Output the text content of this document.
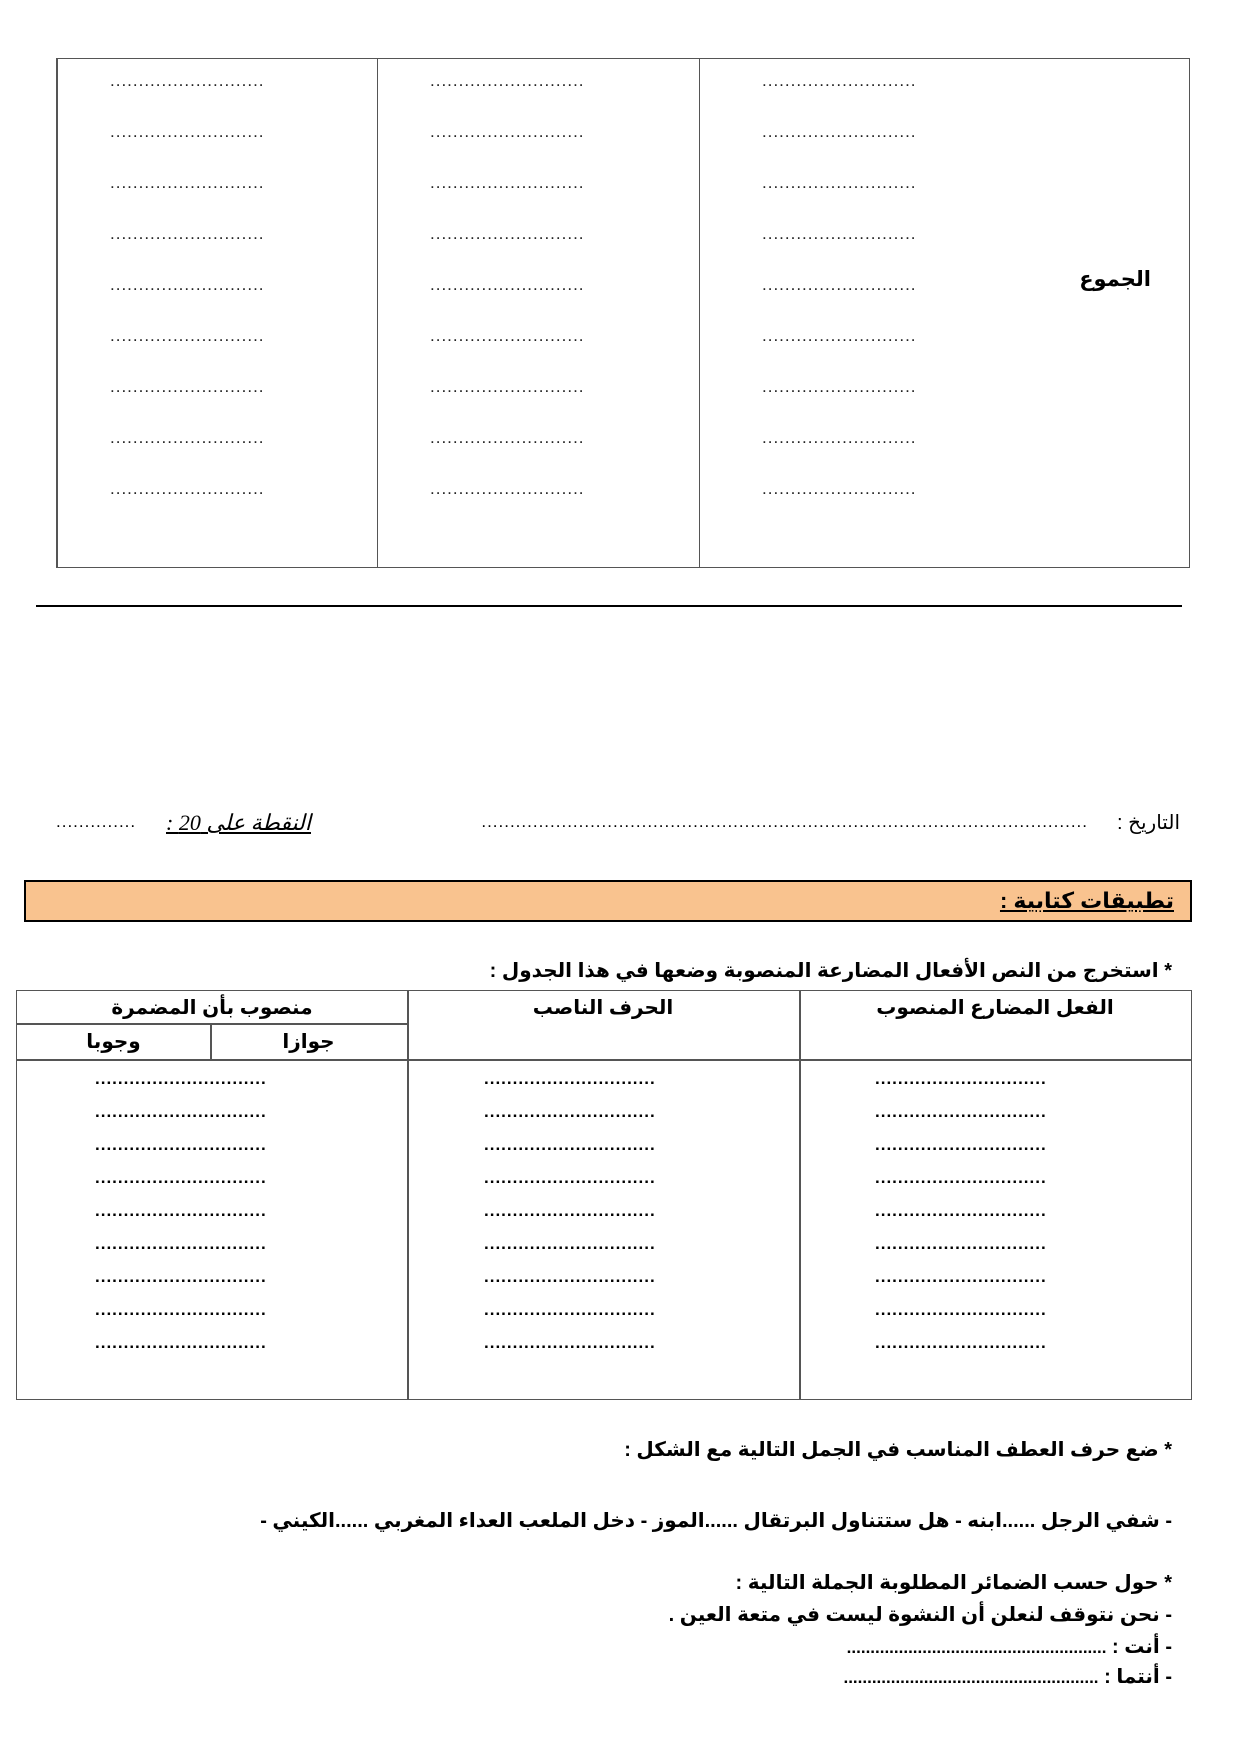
...........................
...........................
...........................
...........................
...........................
...........................
...........................
...........................
...........................
...........................
...........................
...........................
...........................
...........................
...........................
...........................
...........................
...........................
...........................
...........................
...........................
...........................
...........................
...........................
...........................
...........................
...........................
الجموع
التاريخ :
..........................................................................................................
النقطة على 20 :
..............
تطبيقات كتابية :
* استخرج من النص الأفعال المضارعة المنصوبة وضعها في هذا الجدول :
الفعل المضارع المنصوب
الحرف الناصب
منصوب بأن المضمرة
جوازا
وجوبا
..............................
..............................
..............................
..............................
..............................
..............................
..............................
..............................
..............................
..............................
..............................
..............................
..............................
..............................
..............................
..............................
..............................
..............................
..............................
..............................
..............................
..............................
..............................
..............................
..............................
..............................
..............................
* ضع حرف العطف المناسب في الجمل التالية مع الشكل :
- شفي الرجل ......ابنه - هل ستتناول البرتقال ......الموز - دخل الملعب العداء المغربي ......الكيني -
* حول حسب الضمائر المطلوبة الجملة التالية :
- نحن نتوقف لنعلن أن النشوة ليست في متعة العين .
- أنت : .......................................................
- أنتما : ......................................................
